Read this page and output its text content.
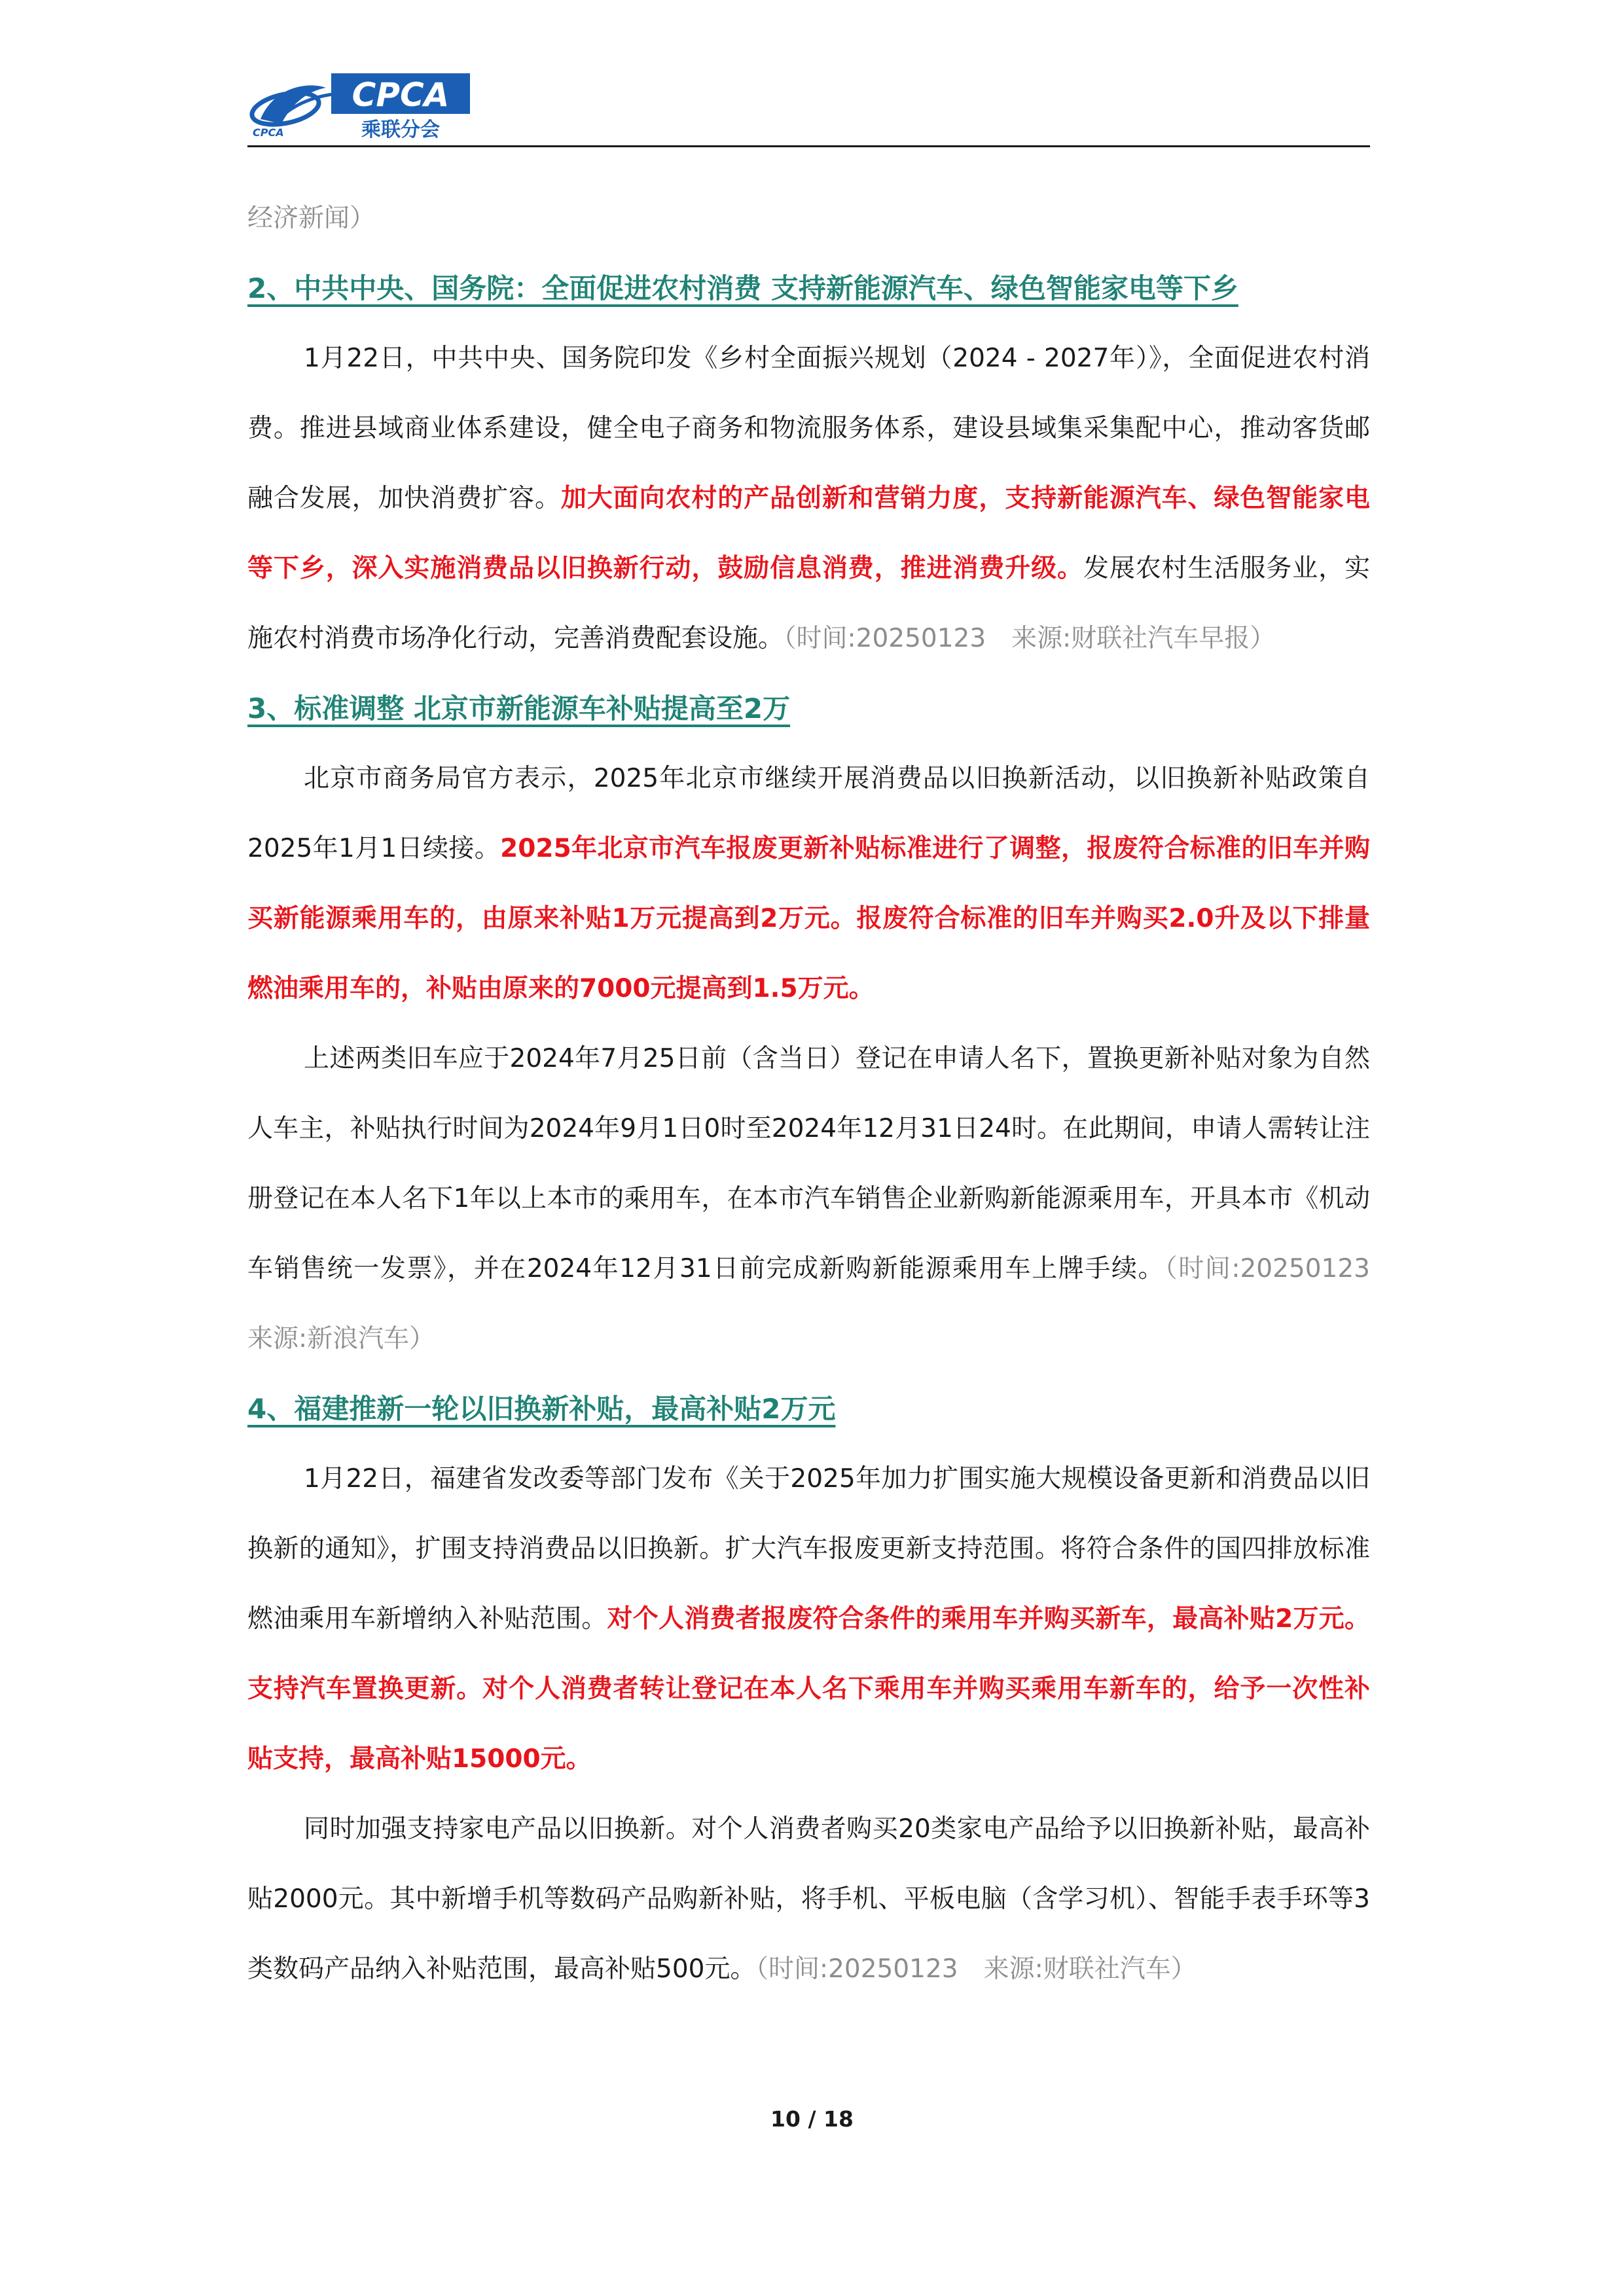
CPCA
CPCA
乘联分会

经济新闻）

2、中共中央、国务院：全面促进农村消费 支持新能源汽车、绿色智能家电等下乡

1月22日，中共中央、国务院印发《乡村全面振兴规划（2024 - 2027年）》，全面促进农村消费。推进县域商业体系建设，健全电子商务和物流服务体系，建设县域集采集配中心，推动客货邮融合发展，加快消费扩容。加大面向农村的产品创新和营销力度，支持新能源汽车、绿色智能家电等下乡，深入实施消费品以旧换新行动，鼓励信息消费，推进消费升级。发展农村生活服务业，实施农村消费市场净化行动，完善消费配套设施。（时间:20250123　来源:财联社汽车早报）

3、标准调整 北京市新能源车补贴提高至2万

北京市商务局官方表示，2025年北京市继续开展消费品以旧换新活动，以旧换新补贴政策自2025年1月1日续接。2025年北京市汽车报废更新补贴标准进行了调整，报废符合标准的旧车并购买新能源乘用车的，由原来补贴1万元提高到2万元。报废符合标准的旧车并购买2.0升及以下排量燃油乘用车的，补贴由原来的7000元提高到1.5万元。

上述两类旧车应于2024年7月25日前（含当日）登记在申请人名下，置换更新补贴对象为自然人车主，补贴执行时间为2024年9月1日0时至2024年12月31日24时。在此期间，申请人需转让注册登记在本人名下1年以上本市的乘用车，在本市汽车销售企业新购新能源乘用车，开具本市《机动车销售统一发票》，并在2024年12月31日前完成新购新能源乘用车上牌手续。（时间:20250123　来源:新浪汽车）

4、福建推新一轮以旧换新补贴，最高补贴2万元

1月22日，福建省发改委等部门发布《关于2025年加力扩围实施大规模设备更新和消费品以旧换新的通知》，扩围支持消费品以旧换新。扩大汽车报废更新支持范围。将符合条件的国四排放标准燃油乘用车新增纳入补贴范围。对个人消费者报废符合条件的乘用车并购买新车，最高补贴2万元。支持汽车置换更新。对个人消费者转让登记在本人名下乘用车并购买乘用车新车的，给予一次性补贴支持，最高补贴15000元。

同时加强支持家电产品以旧换新。对个人消费者购买20类家电产品给予以旧换新补贴，最高补贴2000元。其中新增手机等数码产品购新补贴，将手机、平板电脑（含学习机）、智能手表手环等3类数码产品纳入补贴范围，最高补贴500元。（时间:20250123　来源:财联社汽车）

10 / 18
